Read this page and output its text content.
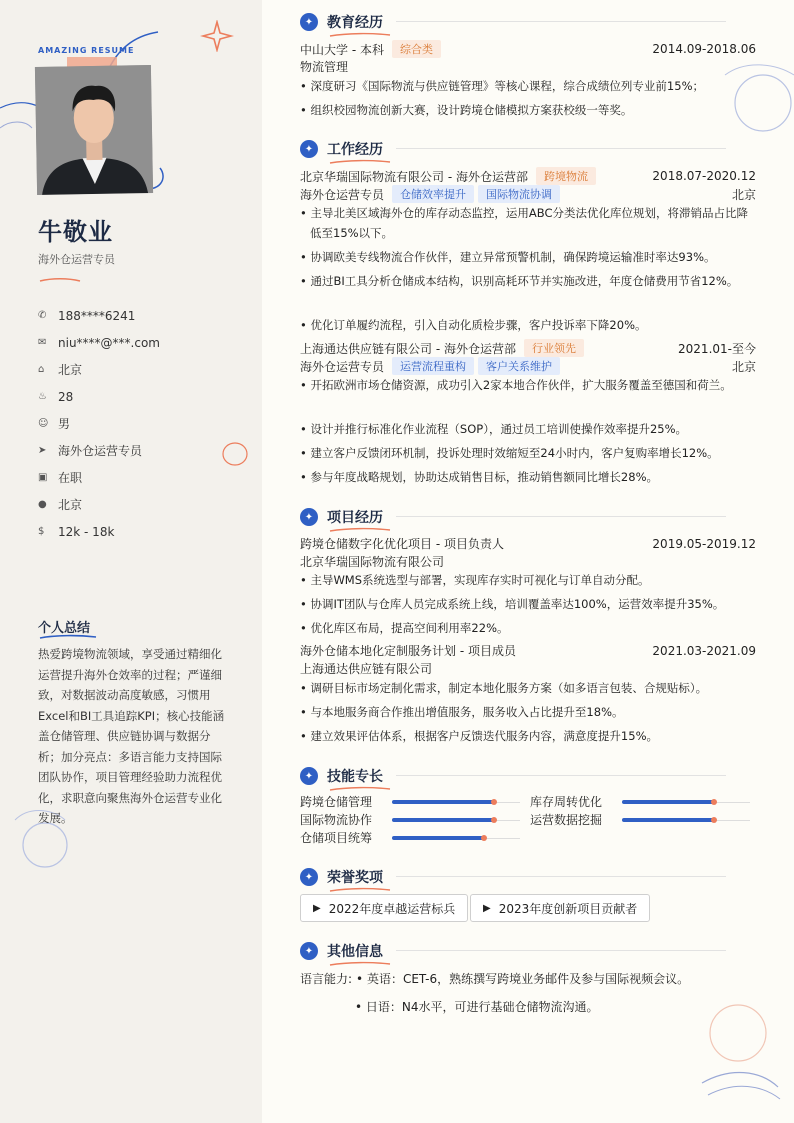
AMAZING RESUME
牛敬业
海外仓运营专员
✆ 188****6241
✉ niu****@***.com
⌂	北京
♨ 28
☺ 男
➤ 海外仓运营专员
▣ 在职
● 北京
$	12k - 18k
个人总结
热爱跨境物流领域，享受通过精细化运营提升海外仓效率的过程；严谨细致，对数据波动高度敏感，习惯用Excel和BI工具追踪KPI；核心技能涵盖仓储管理、供应链协调与数据分析；加分亮点：多语言能力支持国际团队协作，项目管理经验助力流程优化，求职意向聚焦海外仓运营专业化发展。
✦ 教育经历
✦ 工作经历
✦ 项目经历
✦ 技能专长
✦ 荣誉奖项
✦ 其他信息
中山大学 - 本科	综合类	2014.09-2018.06
物流管理
• 深度研习《国际物流与供应链管理》等核心课程，综合成绩位列专业前15%；
• 组织校园物流创新大赛，设计跨境仓储模拟方案获校级一等奖。
北京华瑞国际物流有限公司 - 海外仓运营部	跨境物流	2018.07-2020.12
海外仓运营专员	仓储效率提升	国际物流协调	北京
• 主导北美区域海外仓的库存动态监控，运用ABC分类法优化库位规划，将滞销品占比降低至15%以下。
• 协调欧美专线物流合作伙伴，建立异常预警机制，确保跨境运输准时率达93%。
• 通过BI工具分析仓储成本结构，识别高耗环节并实施改进，年度仓储费用节省12%。
• 优化订单履约流程，引入自动化质检步骤，客户投诉率下降20%。
上海通达供应链有限公司 - 海外仓运营部	行业领先	2021.01-至今
海外仓运营专员	运营流程重构	客户关系维护	北京
• 开拓欧洲市场仓储资源，成功引入2家本地合作伙伴，扩大服务覆盖至德国和荷兰。
• 设计并推行标准化作业流程（SOP），通过员工培训使操作效率提升25%。
• 建立客户反馈闭环机制，投诉处理时效缩短至24小时内，客户复购率增长12%。
• 参与年度战略规划，协助达成销售目标，推动销售额同比增长28%。
跨境仓储数字化优化项目 - 项目负责人	2019.05-2019.12
北京华瑞国际物流有限公司
• 主导WMS系统选型与部署，实现库存实时可视化与订单自动分配。
• 协调IT团队与仓库人员完成系统上线，培训覆盖率达100%，运营效率提升35%。
• 优化库区布局，提高空间利用率22%。
海外仓储本地化定制服务计划 - 项目成员	2021.03-2021.09
上海通达供应链有限公司
• 调研目标市场定制化需求，制定本地化服务方案（如多语言包装、合规贴标）。
• 与本地服务商合作推出增值服务，服务收入占比提升至18%。
• 建立效果评估体系，根据客户反馈迭代服务内容，满意度提升15%。
跨境仓储管理	库存周转优化
国际物流协作	运营数据挖掘
仓储项目统筹
▶ 2022年度卓越运营标兵	▶ 2023年度创新项目贡献者
语言能力: • 英语：CET-6，熟练撰写跨境业务邮件及参与国际视频会议。
• 日语：N4水平，可进行基础仓储物流沟通。
